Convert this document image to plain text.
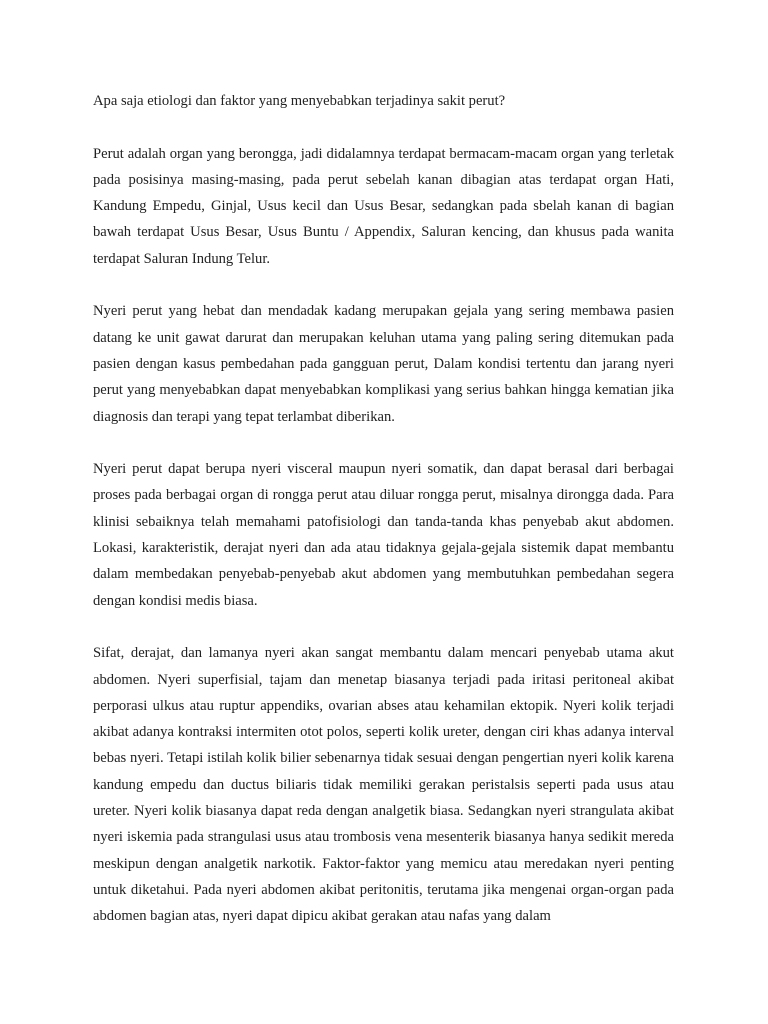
Apa saja etiologi dan faktor yang menyebabkan terjadinya sakit perut?

Perut adalah organ yang berongga, jadi didalamnya terdapat bermacam-macam organ yang terletak pada posisinya masing-masing, pada perut sebelah kanan dibagian atas terdapat organ Hati, Kandung Empedu, Ginjal, Usus kecil dan Usus Besar, sedangkan pada sbelah kanan di bagian bawah terdapat Usus Besar, Usus Buntu / Appendix, Saluran kencing, dan khusus pada wanita terdapat Saluran Indung Telur.

Nyeri perut yang hebat dan mendadak kadang merupakan gejala yang sering membawa pasien datang ke unit gawat darurat dan merupakan keluhan utama yang paling sering ditemukan pada pasien dengan kasus pembedahan pada gangguan perut, Dalam kondisi tertentu dan jarang nyeri perut yang menyebabkan dapat menyebabkan komplikasi yang serius bahkan hingga kematian jika diagnosis dan terapi yang tepat terlambat diberikan.

Nyeri perut dapat berupa nyeri visceral maupun nyeri somatik, dan dapat berasal dari berbagai proses pada berbagai organ di rongga perut atau diluar rongga perut, misalnya dirongga dada. Para klinisi sebaiknya telah memahami patofisiologi dan tanda-tanda khas penyebab akut abdomen. Lokasi, karakteristik, derajat nyeri dan ada atau tidaknya gejala-gejala sistemik dapat membantu dalam membedakan penyebab-penyebab akut abdomen yang membutuhkan pembedahan segera dengan kondisi medis biasa.

Sifat, derajat, dan lamanya nyeri akan sangat membantu dalam mencari penyebab utama akut abdomen. Nyeri superfisial, tajam dan menetap biasanya terjadi pada iritasi peritoneal akibat perporasi ulkus atau ruptur appendiks, ovarian abses atau kehamilan ektopik. Nyeri kolik terjadi akibat adanya kontraksi intermiten otot polos, seperti kolik ureter, dengan ciri khas adanya interval bebas nyeri. Tetapi istilah kolik bilier sebenarnya tidak sesuai dengan pengertian nyeri kolik karena kandung empedu dan ductus biliaris tidak memiliki gerakan peristalsis seperti pada usus atau ureter. Nyeri kolik biasanya dapat reda dengan analgetik biasa. Sedangkan nyeri strangulata akibat nyeri iskemia pada strangulasi usus atau trombosis vena mesenterik biasanya hanya sedikit mereda meskipun dengan analgetik narkotik. Faktor-faktor yang memicu atau meredakan nyeri penting untuk diketahui. Pada nyeri abdomen akibat peritonitis, terutama jika mengenai organ-organ pada abdomen bagian atas, nyeri dapat dipicu akibat gerakan atau nafas yang dalam
